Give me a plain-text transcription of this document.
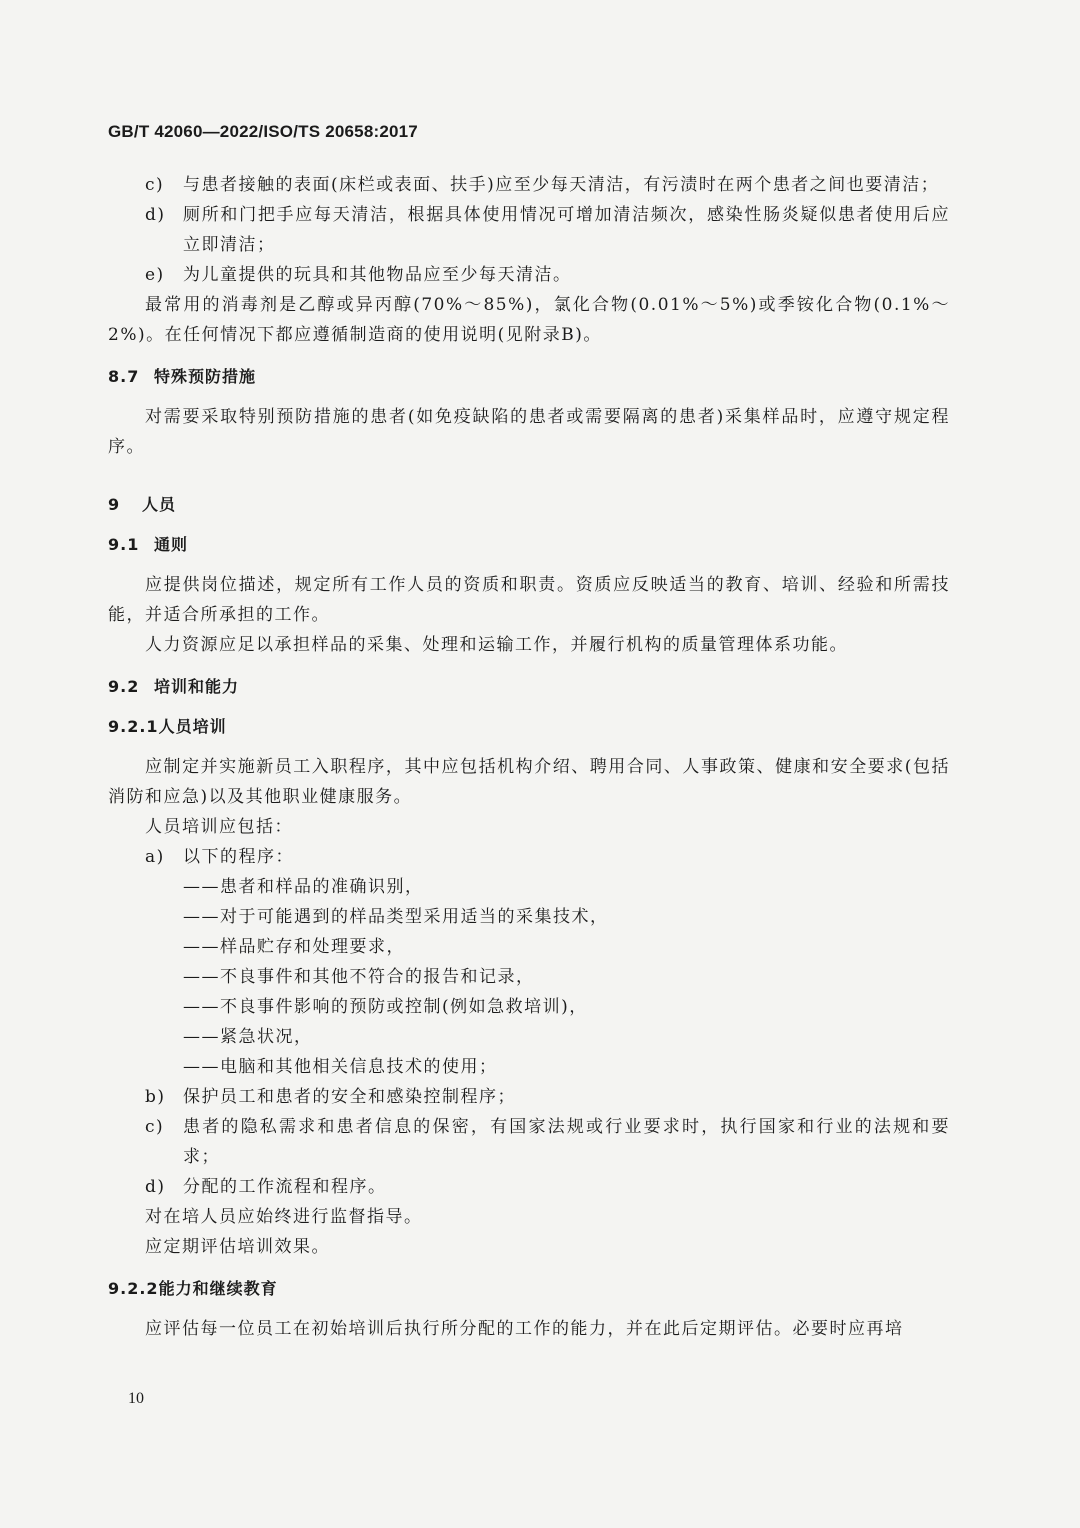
GB/T 42060—2022/ISO/TS 20658:2017
c)	与患者接触的表面(床栏或表面、扶手)应至少每天清洁，有污渍时在两个患者之间也要清洁；
d)	厕所和门把手应每天清洁，根据具体使用情况可增加清洁频次，感染性肠炎疑似患者使用后应立即清洁；
e)	为儿童提供的玩具和其他物品应至少每天清洁。
最常用的消毒剂是乙醇或异丙醇(70%～85%)，氯化合物(0.01%～5%)或季铵化合物(0.1%～2%)。在任何情况下都应遵循制造商的使用说明(见附录B)。
8.7 特殊预防措施
对需要采取特别预防措施的患者(如免疫缺陷的患者或需要隔离的患者)采集样品时，应遵守规定程序。
9 人员
9.1 通则
应提供岗位描述，规定所有工作人员的资质和职责。资质应反映适当的教育、培训、经验和所需技能，并适合所承担的工作。
人力资源应足以承担样品的采集、处理和运输工作，并履行机构的质量管理体系功能。
9.2 培训和能力
9.2.1人员培训
应制定并实施新员工入职程序，其中应包括机构介绍、聘用合同、人事政策、健康和安全要求(包括消防和应急)以及其他职业健康服务。
人员培训应包括：
a)	以下的程序：
——患者和样品的准确识别，
——对于可能遇到的样品类型采用适当的采集技术，
——样品贮存和处理要求，
——不良事件和其他不符合的报告和记录，
——不良事件影响的预防或控制(例如急救培训)，
——紧急状况，
——电脑和其他相关信息技术的使用；
b)	保护员工和患者的安全和感染控制程序；
c)	患者的隐私需求和患者信息的保密，有国家法规或行业要求时，执行国家和行业的法规和要求；
d)	分配的工作流程和程序。
对在培人员应始终进行监督指导。
应定期评估培训效果。
9.2.2能力和继续教育
应评估每一位员工在初始培训后执行所分配的工作的能力，并在此后定期评估。必要时应再培
10
